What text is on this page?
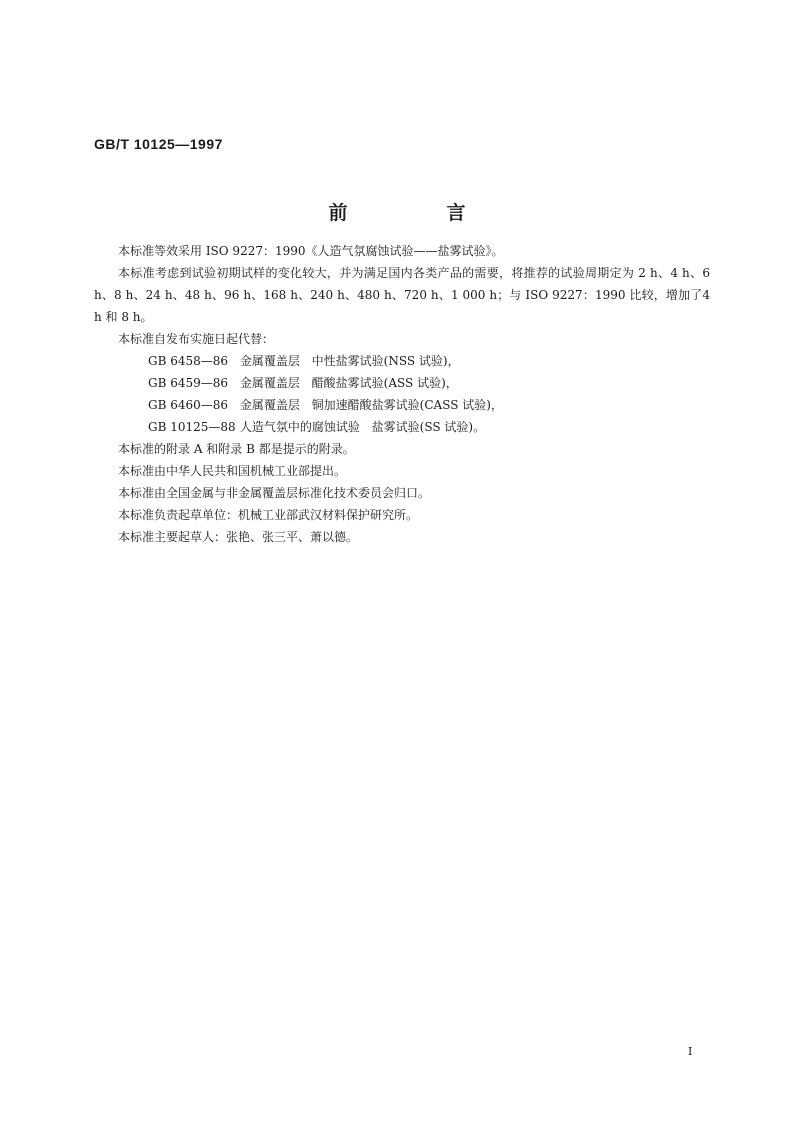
GB/T 10125—1997
前　言

本标准等效采用 ISO 9227：1990《人造气氛腐蚀试验——盐雾试验》。

本标准考虑到试验初期试样的变化较大，并为满足国内各类产品的需要，将推荐的试验周期定为 2 h、4 h、6 h、8 h、24 h、48 h、96 h、168 h、240 h、480 h、720 h、1 000 h；与 ISO 9227：1990 比较，增加了4 h 和 8 h。

本标准自发布实施日起代替：

GB 6458—86 金属覆盖层 中性盐雾试验(NSS 试验)，
GB 6459—86 金属覆盖层 醋酸盐雾试验(ASS 试验)，
GB 6460—86 金属覆盖层 铜加速醋酸盐雾试验(CASS 试验)，
GB 10125—88 人造气氛中的腐蚀试验 盐雾试验(SS 试验)。

本标准的附录 A 和附录 B 都是提示的附录。

本标准由中华人民共和国机械工业部提出。

本标准由全国金属与非金属覆盖层标准化技术委员会归口。

本标准负责起草单位：机械工业部武汉材料保护研究所。

本标准主要起草人：张艳、张三平、萧以德。

I
